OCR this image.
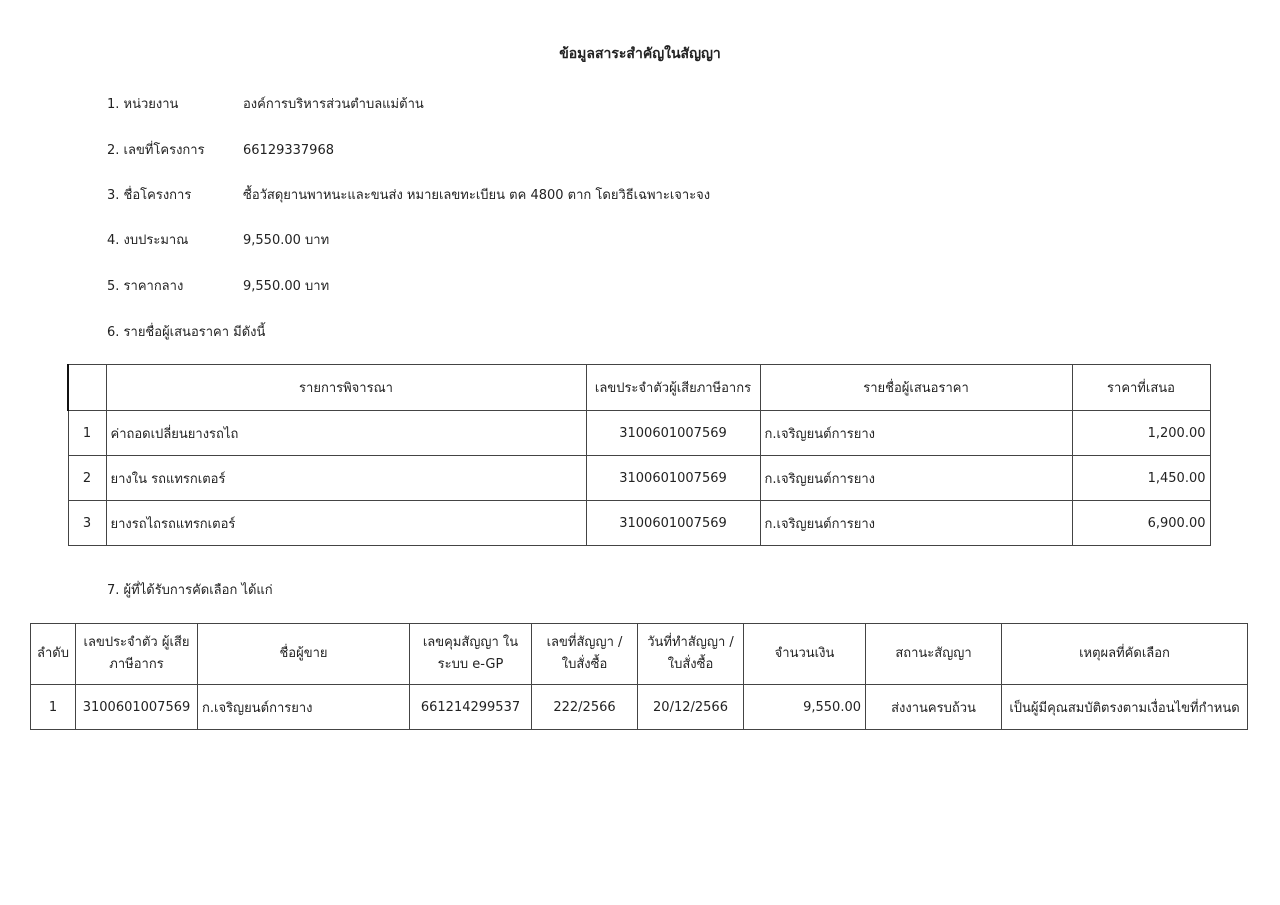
ข้อมูลสาระสำคัญในสัญญา
1. หน่วยงาน	องค์การบริหารส่วนตำบลแม่ต้าน
2. เลขที่โครงการ	66129337968
3. ชื่อโครงการ	ซื้อวัสดุยานพาหนะและขนส่ง หมายเลขทะเบียน ตค 4800 ตาก โดยวิธีเฉพาะเจาะจง
4. งบประมาณ	9,550.00 บาท
5. ราคากลาง	9,550.00 บาท
6. รายชื่อผู้เสนอราคา มีดังนี้
	รายการพิจารณา	เลขประจำตัวผู้เสียภาษีอากร	รายชื่อผู้เสนอราคา	ราคาที่เสนอ
1	ค่าถอดเปลี่ยนยางรถไถ	3100601007569	ก.เจริญยนต์การยาง	1,200.00
2	ยางใน รถแทรกเตอร์	3100601007569	ก.เจริญยนต์การยาง	1,450.00
3	ยางรถไถรถแทรกเตอร์	3100601007569	ก.เจริญยนต์การยาง	6,900.00
7. ผู้ที่ได้รับการคัดเลือก ได้แก่
ลำดับ	เลขประจำตัว ผู้เสียภาษีอากร	ชื่อผู้ขาย	เลขคุมสัญญา ในระบบ e-GP	เลขที่สัญญา / ใบสั่งซื้อ	วันที่ทำสัญญา / ใบสั่งซื้อ	จำนวนเงิน	สถานะสัญญา	เหตุผลที่คัดเลือก
1	3100601007569	ก.เจริญยนต์การยาง	661214299537	222/2566	20/12/2566	9,550.00	ส่งงานครบถ้วน	เป็นผู้มีคุณสมบัติตรงตามเงื่อนไขที่กำหนด
